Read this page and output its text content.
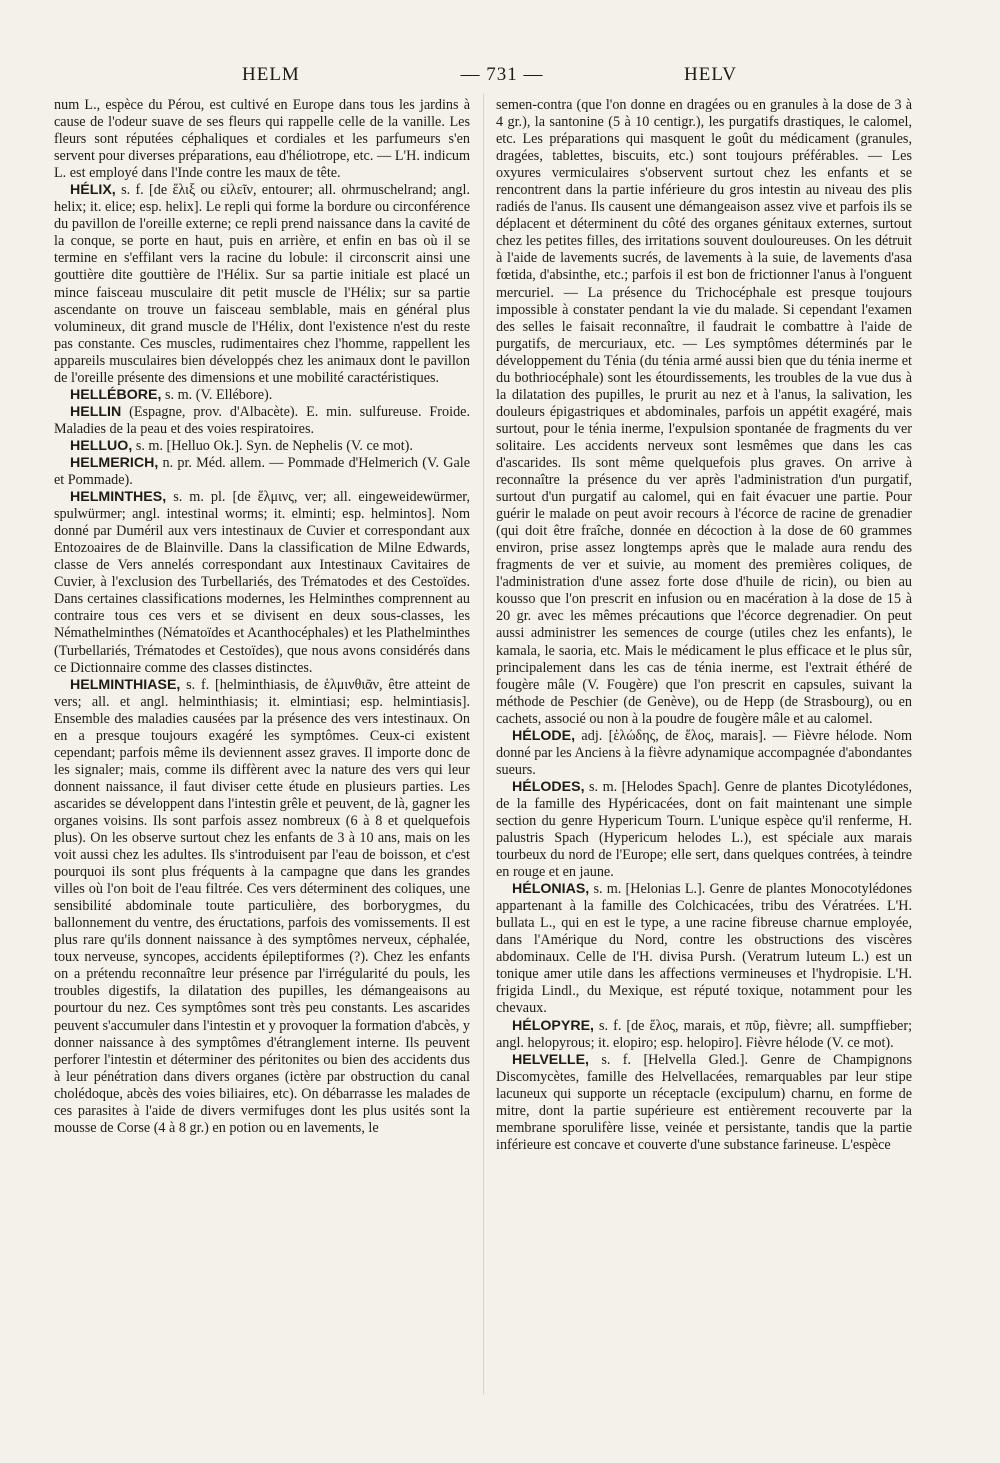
HELM	— 731 —	HELV

num L., espèce du Pérou, est cultivé en Europe dans tous les jardins à cause de l'odeur suave de ses fleurs qui rappelle celle de la vanille. Les fleurs sont réputées céphaliques et cordiales et les parfumeurs s'en servent pour diverses préparations, eau d'héliotrope, etc. — L'H. indicum L. est employé dans l'Inde contre les maux de tête.

HÉLIX, s. f. [de ἕλιξ ou εἰλεῖν, entourer; all. ohrmuschelrand; angl. helix; it. elice; esp. helix]. Le repli qui forme la bordure ou circonférence du pavillon de l'oreille externe; ce repli prend naissance dans la cavité de la conque, se porte en haut, puis en arrière, et enfin en bas où il se termine en s'effilant vers la racine du lobule: il circonscrit ainsi une gouttière dite gouttière de l'Hélix. Sur sa partie initiale est placé un mince faisceau musculaire dit petit muscle de l'Hélix; sur sa partie ascendante on trouve un faisceau semblable, mais en général plus volumineux, dit grand muscle de l'Hélix, dont l'existence n'est du reste pas constante. Ces muscles, rudimentaires chez l'homme, rappellent les appareils musculaires bien développés chez les animaux dont le pavillon de l'oreille présente des dimensions et une mobilité caractéristiques.

HELLÉBORE, s. m. (V. Ellébore).

HELLIN (Espagne, prov. d'Albacète). E. min. sulfureuse. Froide. Maladies de la peau et des voies respiratoires.

HELLUO, s. m. [Helluo Ok.]. Syn. de Nephelis (V. ce mot).

HELMERICH, n. pr. Méd. allem. — Pommade d'Helmerich (V. Gale et Pommade).

HELMINTHES, s. m. pl. [de ἕλμινς, ver; all. eingeweidewürmer, spulwürmer; angl. intestinal worms; it. elminti; esp. helmintos]. Nom donné par Duméril aux vers intestinaux de Cuvier et correspondant aux Entozoaires de de Blainville. Dans la classification de Milne Edwards, classe de Vers annelés correspondant aux Intestinaux Cavitaires de Cuvier, à l'exclusion des Turbellariés, des Trématodes et des Cestoïdes. Dans certaines classifications modernes, les Helminthes comprennent au contraire tous ces vers et se divisent en deux sous-classes, les Némathelminthes (Nématoïdes et Acanthocéphales) et les Plathelminthes (Turbellariés, Trématodes et Cestoïdes), que nous avons considérés dans ce Dictionnaire comme des classes distinctes.

HELMINTHIASE, s. f. [helminthiasis, de ἑλμινθιᾶν, être atteint de vers; all. et angl. helminthiasis; it. elmintiasi; esp. helmintiasis]. Ensemble des maladies causées par la présence des vers intestinaux. On en a presque toujours exagéré les symptômes. Ceux-ci existent cependant; parfois même ils deviennent assez graves. Il importe donc de les signaler; mais, comme ils diffèrent avec la nature des vers qui leur donnent naissance, il faut diviser cette étude en plusieurs parties. Les ascarides se développent dans l'intestin grêle et peuvent, de là, gagner les organes voisins. Ils sont parfois assez nombreux (6 à 8 et quelquefois plus). On les observe surtout chez les enfants de 3 à 10 ans, mais on les voit aussi chez les adultes. Ils s'introduisent par l'eau de boisson, et c'est pourquoi ils sont plus fréquents à la campagne que dans les grandes villes où l'on boit de l'eau filtrée. Ces vers déterminent des coliques, une sensibilité abdominale toute particulière, des borborygmes, du ballonnement du ventre, des éructations, parfois des vomissements. Il est plus rare qu'ils donnent naissance à des symptômes nerveux, céphalée, toux nerveuse, syncopes, accidents épileptiformes (?). Chez les enfants on a prétendu reconnaître leur présence par l'irrégularité du pouls, les troubles digestifs, la dilatation des pupilles, les démangeaisons au pourtour du nez. Ces symptômes sont très peu constants. Les ascarides peuvent s'accumuler dans l'intestin et y provoquer la formation d'abcès, y donner naissance à des symptômes d'étranglement interne. Ils peuvent perforer l'intestin et déterminer des péritonites ou bien des accidents dus à leur pénétration dans divers organes (ictère par obstruction du canal cholédoque, abcès des voies biliaires, etc). On débarrasse les malades de ces parasites à l'aide de divers vermifuges dont les plus usités sont la mousse de Corse (4 à 8 gr.) en potion ou en lavements, le

semen-contra (que l'on donne en dragées ou en granules à la dose de 3 à 4 gr.), la santonine (5 à 10 centigr.), les purgatifs drastiques, le calomel, etc. Les préparations qui masquent le goût du médicament (granules, dragées, tablettes, biscuits, etc.) sont toujours préférables. — Les oxyures vermiculaires s'observent surtout chez les enfants et se rencontrent dans la partie inférieure du gros intestin au niveau des plis radiés de l'anus. Ils causent une démangeaison assez vive et parfois ils se déplacent et déterminent du côté des organes génitaux externes, surtout chez les petites filles, des irritations souvent douloureuses. On les détruit à l'aide de lavements sucrés, de lavements à la suie, de lavements d'asa fœtida, d'absinthe, etc.; parfois il est bon de frictionner l'anus à l'onguent mercuriel. — La présence du Trichocéphale est presque toujours impossible à constater pendant la vie du malade. Si cependant l'examen des selles le faisait reconnaître, il faudrait le combattre à l'aide de purgatifs, de mercuriaux, etc. — Les symptômes déterminés par le développement du Ténia (du ténia armé aussi bien que du ténia inerme et du bothriocéphale) sont les étourdissements, les troubles de la vue dus à la dilatation des pupilles, le prurit au nez et à l'anus, la salivation, les douleurs épigastriques et abdominales, parfois un appétit exagéré, mais surtout, pour le ténia inerme, l'expulsion spontanée de fragments du ver solitaire. Les accidents nerveux sont lesmêmes que dans les cas d'ascarides. Ils sont même quelquefois plus graves. On arrive à reconnaître la présence du ver après l'administration d'un purgatif, surtout d'un purgatif au calomel, qui en fait évacuer une partie. Pour guérir le malade on peut avoir recours à l'écorce de racine de grenadier (qui doit être fraîche, donnée en décoction à la dose de 60 grammes environ, prise assez longtemps après que le malade aura rendu des fragments de ver et suivie, au moment des premières coliques, de l'administration d'une assez forte dose d'huile de ricin), ou bien au kousso que l'on prescrit en infusion ou en macération à la dose de 15 à 20 gr. avec les mêmes précautions que l'écorce degrenadier. On peut aussi administrer les semences de courge (utiles chez les enfants), le kamala, le saoria, etc. Mais le médicament le plus efficace et le plus sûr, principalement dans les cas de ténia inerme, est l'extrait éthéré de fougère mâle (V. Fougère) que l'on prescrit en capsules, suivant la méthode de Peschier (de Genève), ou de Hepp (de Strasbourg), ou en cachets, associé ou non à la poudre de fougère mâle et au calomel.

HÉLODE, adj. [ἑλώδης, de ἕλος, marais]. — Fièvre hélode. Nom donné par les Anciens à la fièvre adynamique accompagnée d'abondantes sueurs.

HÉLODES, s. m. [Helodes Spach]. Genre de plantes Dicotylédones, de la famille des Hypéricacées, dont on fait maintenant une simple section du genre Hypericum Tourn. L'unique espèce qu'il renferme, H. palustris Spach (Hypericum helodes L.), est spéciale aux marais tourbeux du nord de l'Europe; elle sert, dans quelques contrées, à teindre en rouge et en jaune.

HÉLONIAS, s. m. [Helonias L.]. Genre de plantes Monocotylédones appartenant à la famille des Colchicacées, tribu des Vératrées. L'H. bullata L., qui en est le type, a une racine fibreuse charnue employée, dans l'Amérique du Nord, contre les obstructions des viscères abdominaux. Celle de l'H. divisa Pursh. (Veratrum luteum L.) est un tonique amer utile dans les affections vermineuses et l'hydropisie. L'H. frigida Lindl., du Mexique, est réputé toxique, notamment pour les chevaux.

HÉLOPYRE, s. f. [de ἕλος, marais, et πῦρ, fièvre; all. sumpffieber; angl. helopyrous; it. elopiro; esp. helopiro]. Fièvre hélode (V. ce mot).

HELVELLE, s. f. [Helvella Gled.]. Genre de Champignons Discomycètes, famille des Helvellacées, remarquables par leur stipe lacuneux qui supporte un réceptacle (excipulum) charnu, en forme de mitre, dont la partie supérieure est entièrement recouverte par la membrane sporulifère lisse, veinée et persistante, tandis que la partie inférieure est concave et couverte d'une substance farineuse. L'espèce
